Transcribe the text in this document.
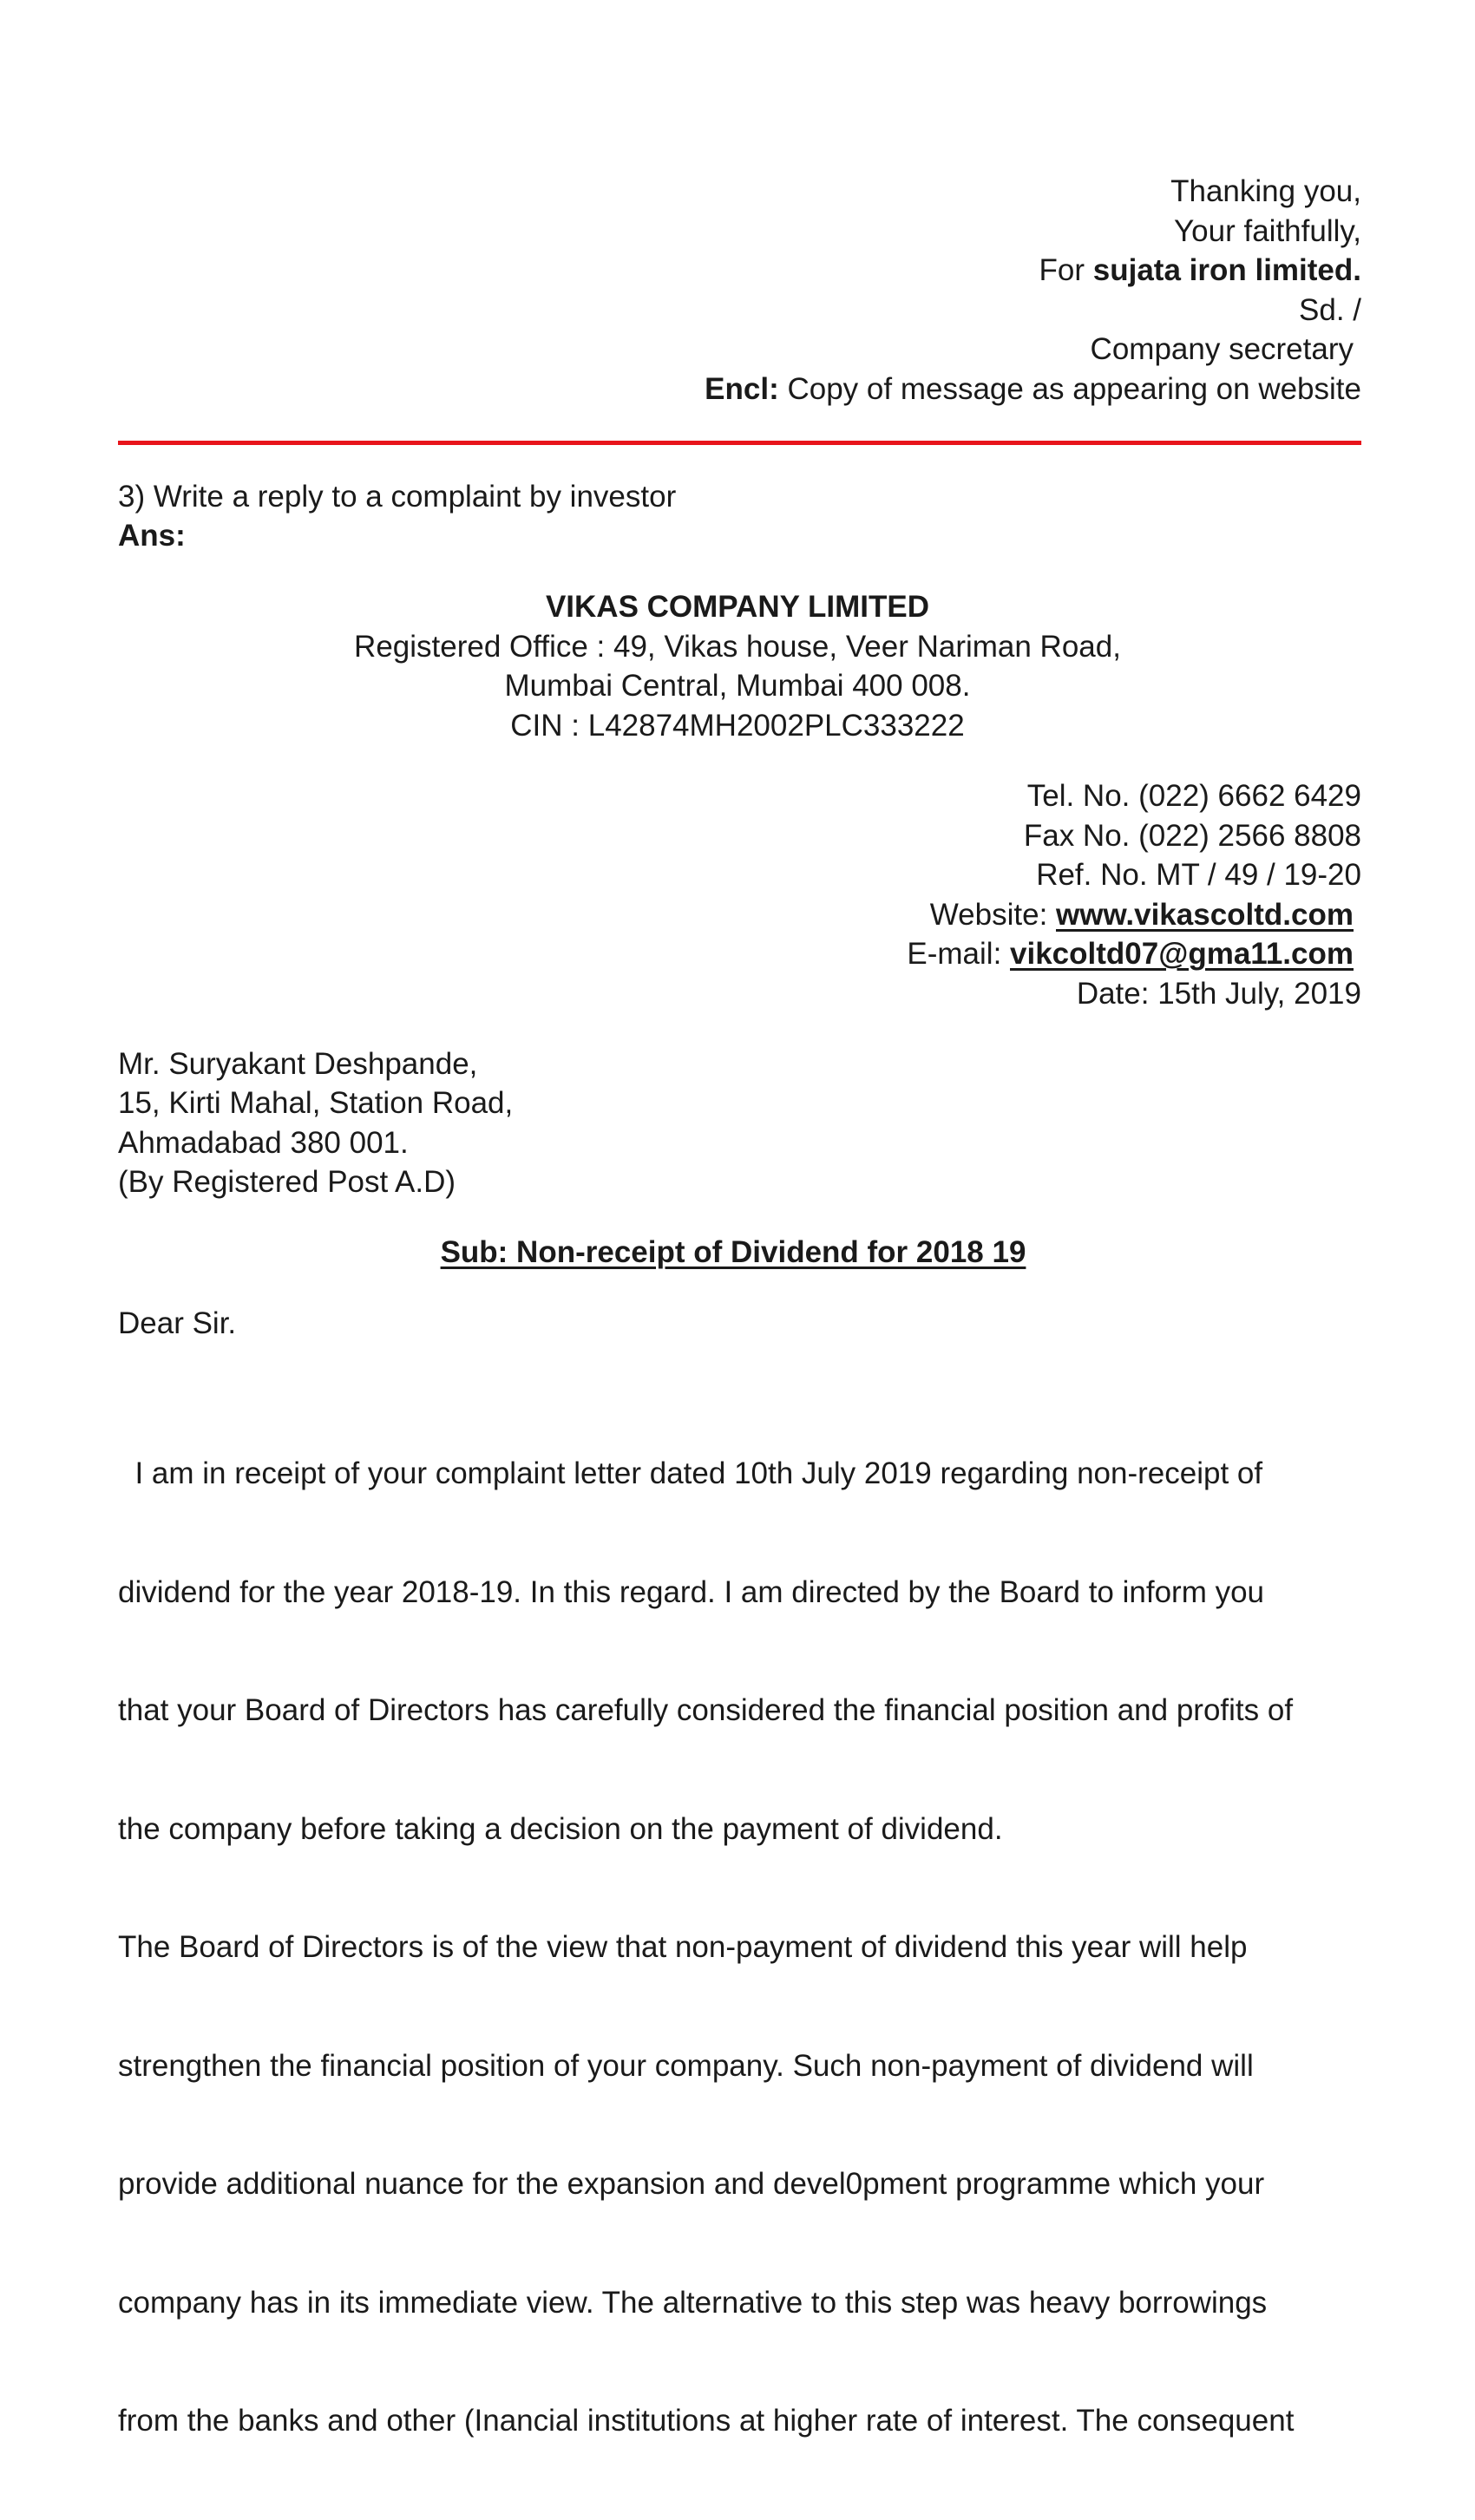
Thanking you,
Your faithfully,
For sujata iron limited.
Sd. /
Company secretary
Encl: Copy of message as appearing on website
3) Write a reply to a complaint by investor
Ans:
VIKAS COMPANY LIMITED
Registered Office : 49, Vikas house, Veer Nariman Road,
Mumbai Central, Mumbai 400 008.
CIN : L42874MH2002PLC333222
Tel. No. (022) 6662 6429
Fax No. (022) 2566 8808
Ref. No. MT / 49 / 19-20
Website: www.vikascoltd.com
E-mail: vikcoltd07@gma11.com
Date: 15th July, 2019
Mr. Suryakant Deshpande,
15, Kirti Mahal, Station Road,
Ahmadabad 380 001.
(By Registered Post A.D)
Sub: Non-receipt of Dividend for 2018 19
Dear Sir.

I am in receipt of your complaint letter dated 10th July 2019 regarding non-receipt of

dividend for the year 2018-19. In this regard. I am directed by the Board to inform you

that your Board of Directors has carefully considered the financial position and profits of

the company before taking a decision on the payment of dividend.

The Board of Directors is of the view that non-payment of dividend this year will help

strengthen the financial position of your company. Such non-payment of dividend will

provide additional nuance for the expansion and devel0pment programme which your

company has in its immediate view. The alternative to this step was heavy borrowings

from the banks and other (Inancial institutions at higher rate of interest. The consequent
